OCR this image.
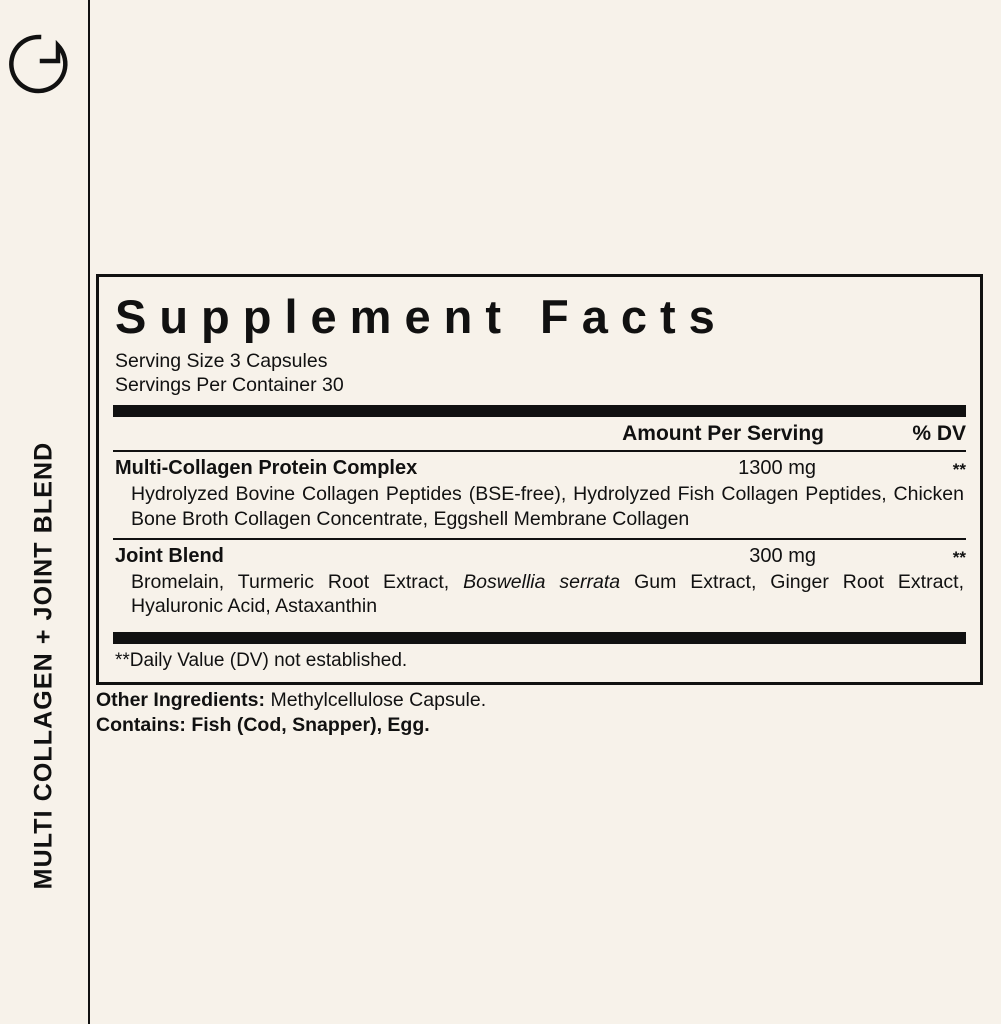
MULTI COLLAGEN + JOINT BLEND
Supplement Facts
Serving Size 3 Capsules
Servings Per Container 30
Amount Per Serving	% DV
Multi-Collagen Protein Complex	1300 mg	**
Hydrolyzed Bovine Collagen Peptides (BSE-free), Hydrolyzed Fish Collagen Peptides, Chicken Bone Broth Collagen Concentrate, Eggshell Membrane Collagen
Joint Blend	300 mg	**
Bromelain, Turmeric Root Extract, Boswellia serrata Gum Extract, Ginger Root Extract, Hyaluronic Acid, Astaxanthin
**Daily Value (DV) not established.
Other Ingredients: Methylcellulose Capsule.
Contains: Fish (Cod, Snapper), Egg.
